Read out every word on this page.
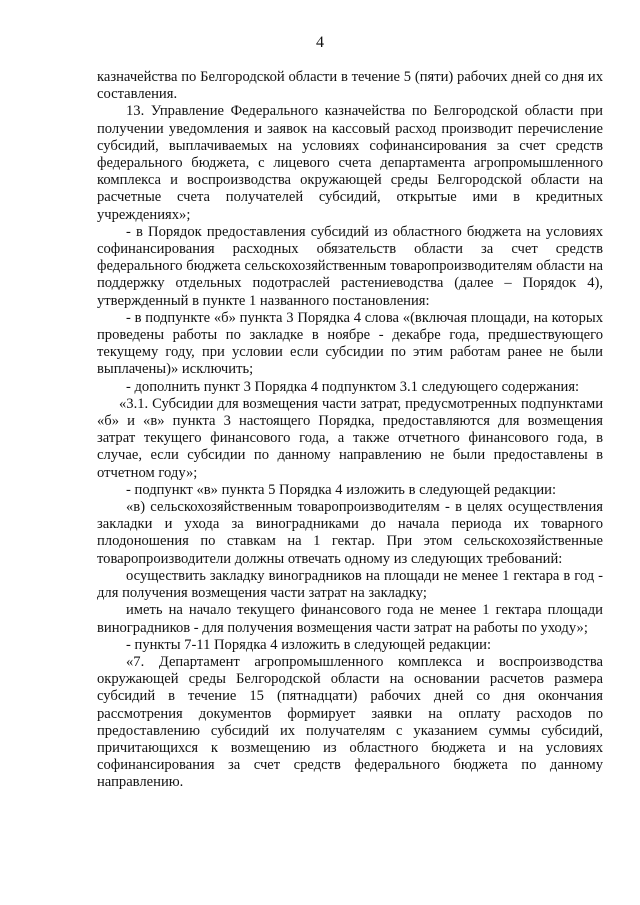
4

казначейства по Белгородской области в течение 5 (пяти) рабочих дней со дня их составления.

13. Управление Федерального казначейства по Белгородской области при получении уведомления и заявок на кассовый расход производит перечисление субсидий, выплачиваемых на условиях софинансирования за счет средств федерального бюджета, с лицевого счета департамента агропромышленного комплекса и воспроизводства окружающей среды Белгородской области на расчетные счета получателей субсидий, открытые ими в кредитных учреждениях»;

- в Порядок предоставления субсидий из областного бюджета на условиях софинансирования расходных обязательств области за счет средств федерального бюджета сельскохозяйственным товаропроизводителям области на поддержку отдельных подотраслей растениеводства (далее – Порядок 4), утвержденный в пункте 1 названного постановления:

- в подпункте «б» пункта 3 Порядка 4 слова «(включая площади, на которых проведены работы по закладке в ноябре - декабре года, предшествующего текущему году, при условии если субсидии по этим работам ранее не были выплачены)» исключить;

- дополнить пункт 3 Порядка 4 подпунктом 3.1 следующего содержания:

«3.1. Субсидии для возмещения части затрат, предусмотренных подпунктами «б» и «в» пункта 3 настоящего Порядка, предоставляются для возмещения затрат текущего финансового года, а также отчетного финансового года, в случае, если субсидии по данному направлению не были предоставлены в отчетном году»;

- подпункт «в» пункта 5 Порядка 4 изложить в следующей редакции:

«в) сельскохозяйственным товаропроизводителям - в целях осуществления закладки и ухода за виноградниками до начала периода их товарного плодоношения по ставкам на 1 гектар. При этом сельскохозяйственные товаропроизводители должны отвечать одному из следующих требований:

осуществить закладку виноградников на площади не менее 1 гектара в год - для получения возмещения части затрат на закладку;

иметь на начало текущего финансового года не менее 1 гектара площади виноградников - для получения возмещения части затрат на работы по уходу»;

- пункты 7-11 Порядка 4 изложить в следующей редакции:

«7. Департамент агропромышленного комплекса и воспроизводства окружающей среды Белгородской области на основании расчетов размера субсидий в течение 15 (пятнадцати) рабочих дней со дня окончания рассмотрения документов формирует заявки на оплату расходов по предоставлению субсидий их получателям с указанием суммы субсидий, причитающихся к возмещению из областного бюджета и на условиях софинансирования за счет средств федерального бюджета по данному направлению.
